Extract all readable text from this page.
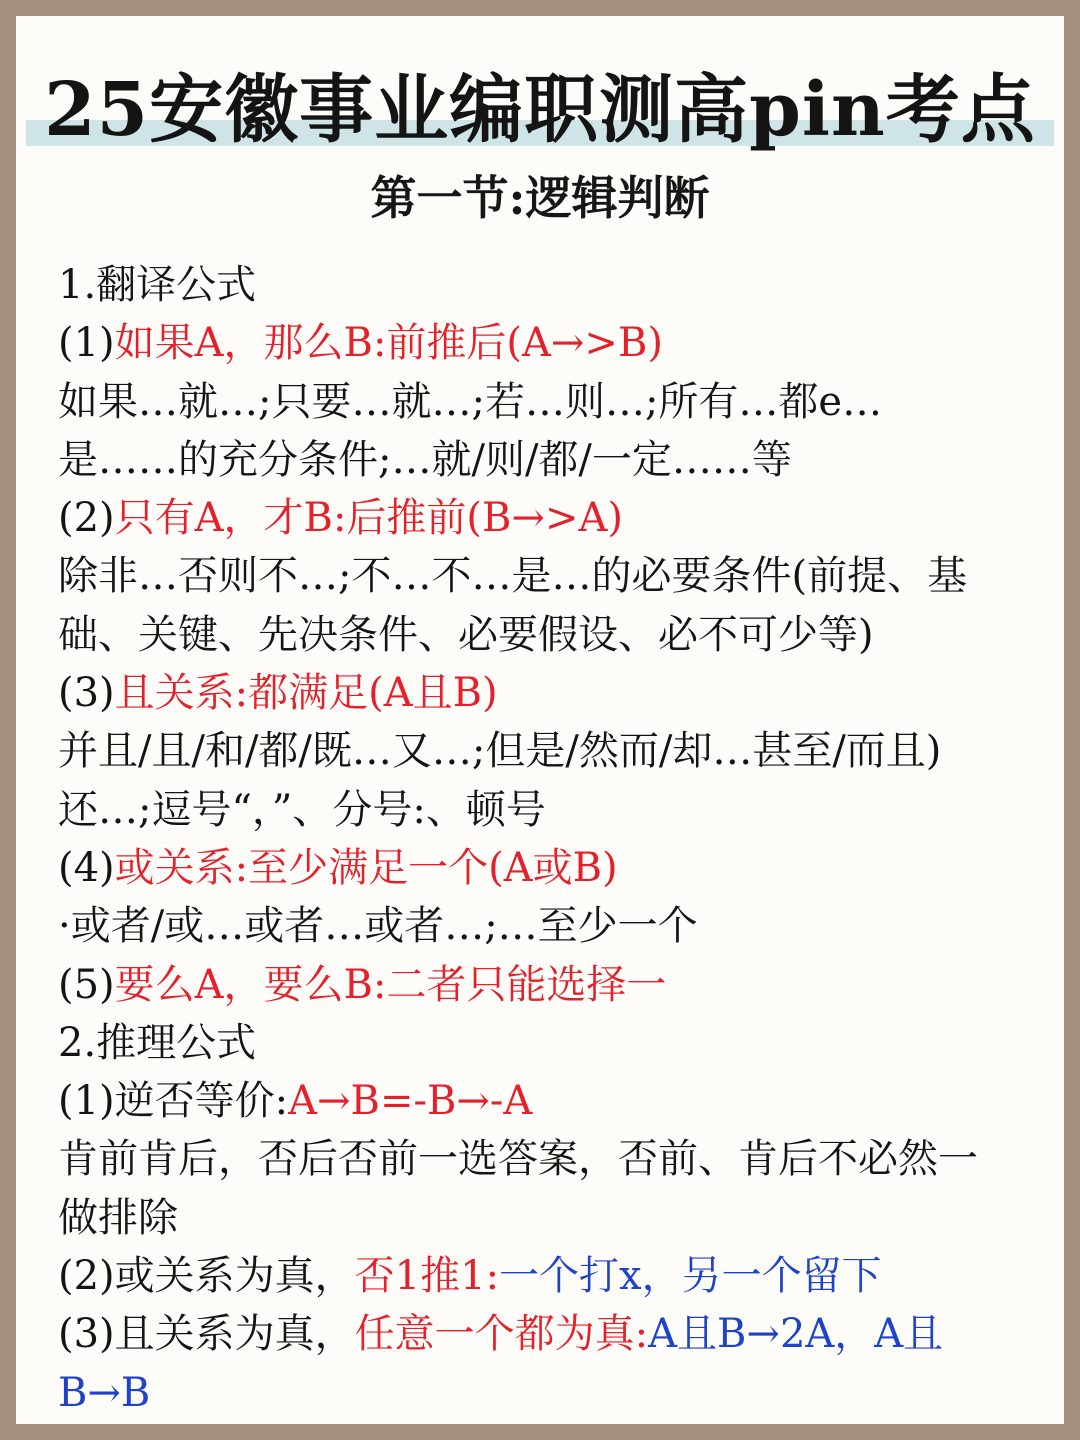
25安徽事业编职测高pin考点
第一节:逻辑判断
1.翻译公式
(1)如果A，那么B:前推后(A→>B)
如果…就…;只要…就…;若…则…;所有…都e…
是……的充分条件;…就/则/都/一定……等
(2)只有A，才B:后推前(B→>A)
除非…否则不…;不…不…是…的必要条件(前提、基
础、关键、先决条件、必要假设、必不可少等)
(3)且关系:都满足(A且B)
并且/且/和/都/既…又…;但是/然而/却…甚至/而且)
还…;逗号“，”、分号:、顿号
(4)或关系:至少满足一个(A或B)
·或者/或…或者…或者…;…至少一个
(5)要么A，要么B:二者只能选择一
2.推理公式
(1)逆否等价:A→B=-B→-A
肯前肯后，否后否前一选答案，否前、肯后不必然一
做排除
(2)或关系为真，否1推1:一个打x，另一个留下
(3)且关系为真，任意一个都为真:A且B→2A，A且
B→B
